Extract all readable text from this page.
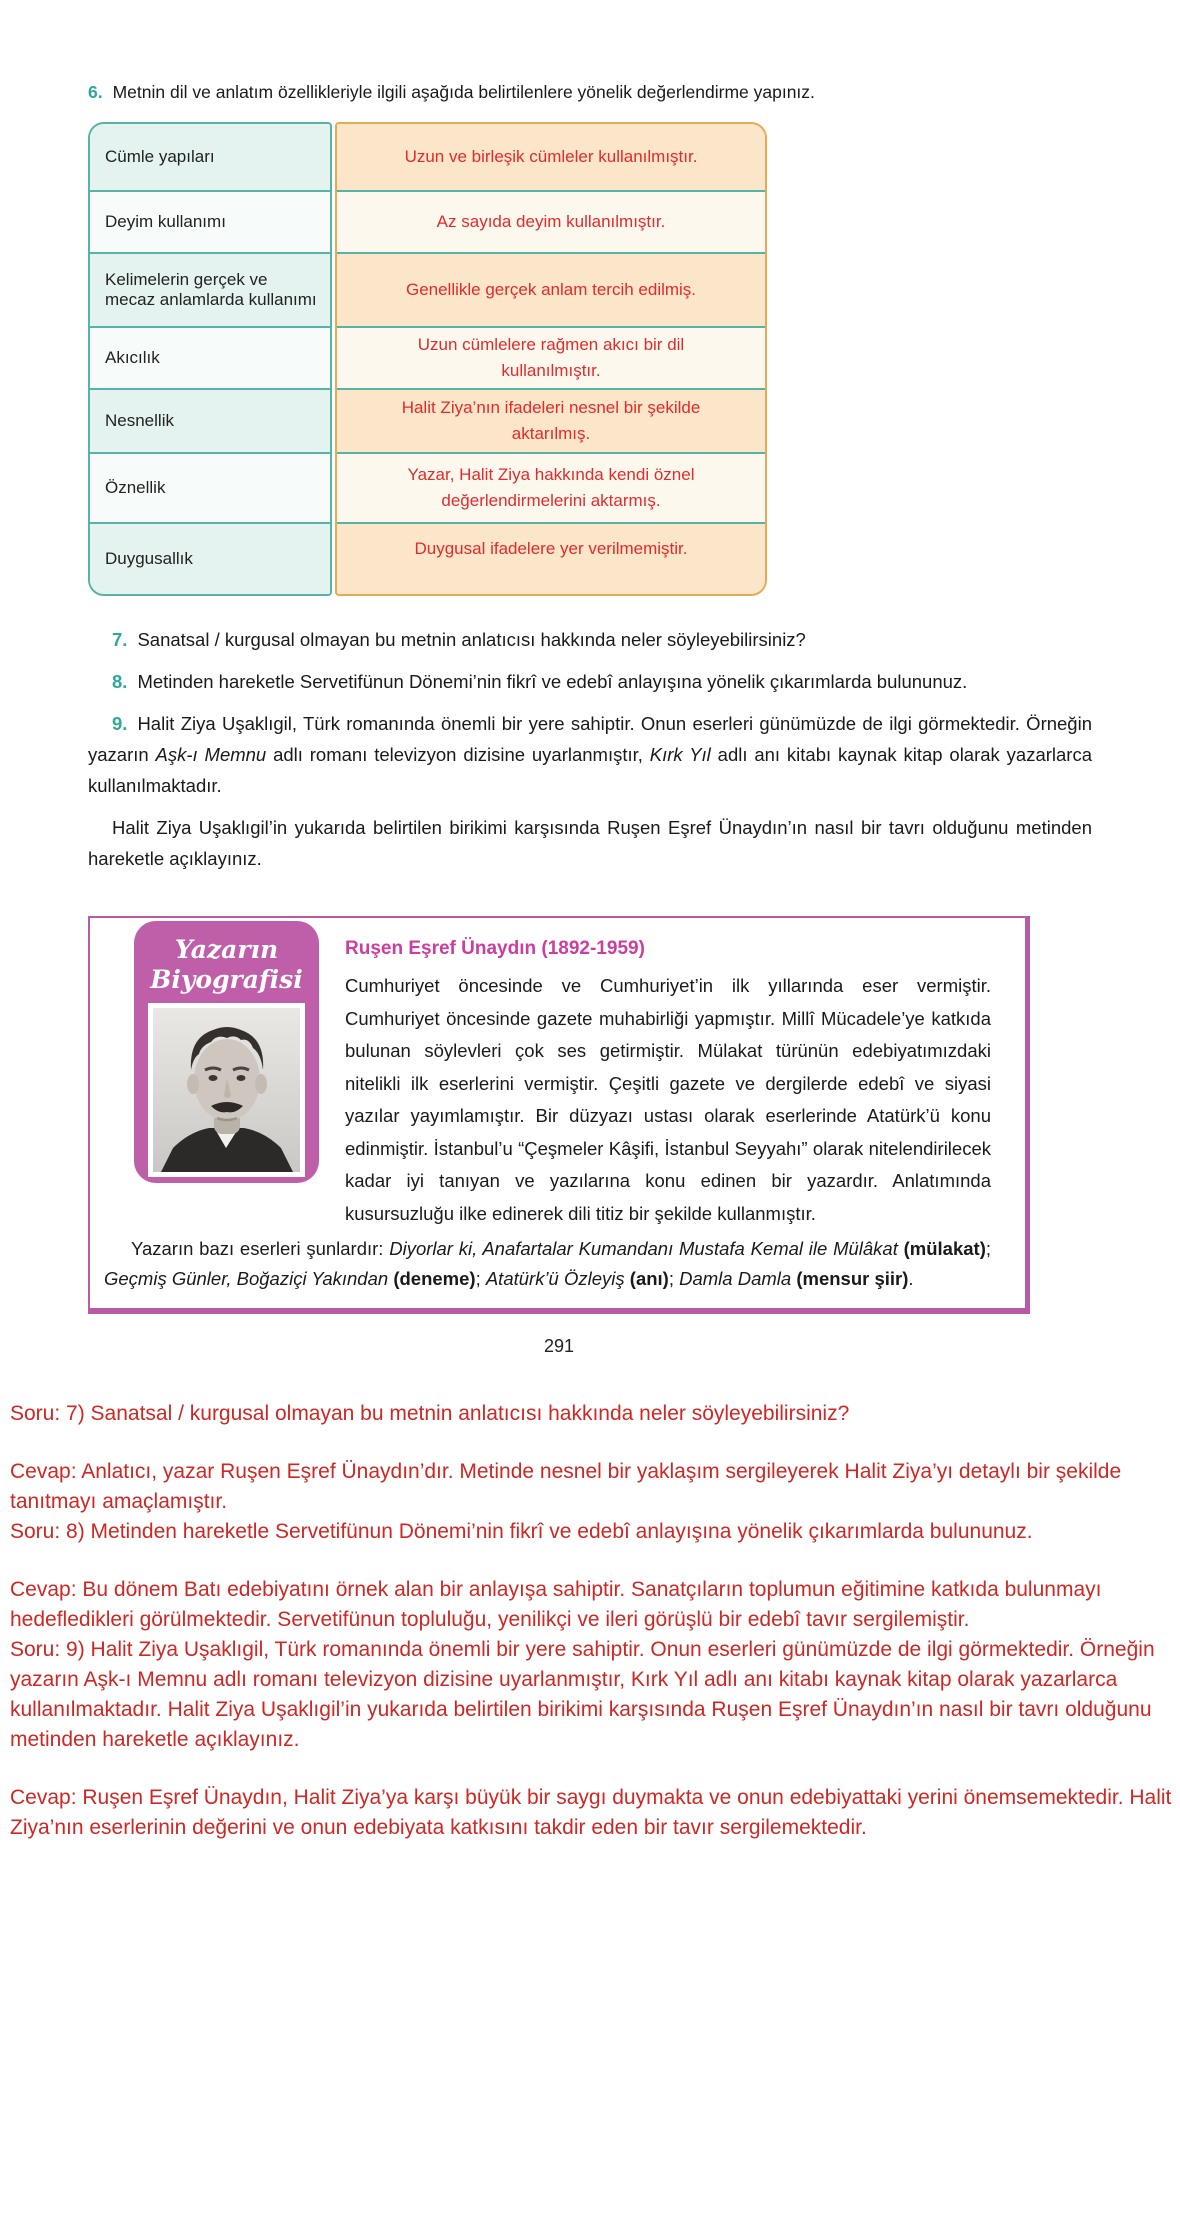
6. Metnin dil ve anlatım özellikleriyle ilgili aşağıda belirtilenlere yönelik değerlendirme yapınız.
Cümle yapıları
Deyim kullanımı
Kelimelerin gerçek ve mecaz anlamlarda kullanımı
Akıcılık
Nesnellik
Öznellik
Duygusallık
Uzun ve birleşik cümleler kullanılmıştır.
Az sayıda deyim kullanılmıştır.
Genellikle gerçek anlam tercih edilmiş.
Uzun cümlelere rağmen akıcı bir dil kullanılmıştır.
Halit Ziya’nın ifadeleri nesnel bir şekilde aktarılmış.
Yazar, Halit Ziya hakkında kendi öznel değerlendirmelerini aktarmış.
Duygusal ifadelere yer verilmemiştir.

7. Sanatsal / kurgusal olmayan bu metnin anlatıcısı hakkında neler söyleyebilirsiniz?

8. Metinden hareketle Servetifünun Dönemi’nin fikrî ve edebî anlayışına yönelik çıkarımlarda bulununuz.

9. Halit Ziya Uşaklıgil, Türk romanında önemli bir yere sahiptir. Onun eserleri günümüzde de ilgi görmektedir. Örneğin yazarın Aşk-ı Memnu adlı romanı televizyon dizisine uyarlanmıştır, Kırk Yıl adlı anı kitabı kaynak kitap olarak yazarlarca kullanılmaktadır.

Halit Ziya Uşaklıgil’in yukarıda belirtilen birikimi karşısında Ruşen Eşref Ünaydın’ın nasıl bir tavrı olduğunu metinden hareketle açıklayınız.

Yazarın
Biyografisi
Ruşen Eşref Ünaydın (1892-1959)
Cumhuriyet öncesinde ve Cumhuriyet’in ilk yıllarında eser vermiştir. Cumhuriyet öncesinde gazete muhabirliği yapmıştır. Millî Mücadele’ye katkıda bulunan söylevleri çok ses getirmiştir. Mülakat türünün edebiyatımızdaki nitelikli ilk eserlerini vermiştir. Çeşitli gazete ve dergilerde edebî ve siyasi yazılar yayımlamıştır. Bir düzyazı ustası olarak eserlerinde Atatürk’ü konu edinmiştir. İstanbul’u “Çeşmeler Kâşifi, İstanbul Seyyahı” olarak nitelendirilecek kadar iyi tanıyan ve yazılarına konu edinen bir yazardır. Anlatımında kusursuzluğu ilke edinerek dili titiz bir şekilde kullanmıştır.
Yazarın bazı eserleri şunlardır: Diyorlar ki, Anafartalar Kumandanı Mustafa Kemal ile Mülâkat (mülakat); Geçmiş Günler, Boğaziçi Yakından (deneme); Atatürk’ü Özleyiş (anı); Damla Damla (mensur şiir).
291

Soru: 7) Sanatsal / kurgusal olmayan bu metnin anlatıcısı hakkında neler söyleyebilirsiniz?

Cevap: Anlatıcı, yazar Ruşen Eşref Ünaydın’dır. Metinde nesnel bir yaklaşım sergileyerek Halit Ziya’yı detaylı bir şekilde tanıtmayı amaçlamıştır.

Soru: 8) Metinden hareketle Servetifünun Dönemi’nin fikrî ve edebî anlayışına yönelik çıkarımlarda bulununuz.

Cevap: Bu dönem Batı edebiyatını örnek alan bir anlayışa sahiptir. Sanatçıların toplumun eğitimine katkıda bulunmayı hedefledikleri görülmektedir. Servetifünun topluluğu, yenilikçi ve ileri görüşlü bir edebî tavır sergilemiştir.

Soru: 9) Halit Ziya Uşaklıgil, Türk romanında önemli bir yere sahiptir. Onun eserleri günümüzde de ilgi görmektedir. Örneğin yazarın Aşk-ı Memnu adlı romanı televizyon dizisine uyarlanmıştır, Kırk Yıl adlı anı kitabı kaynak kitap olarak yazarlarca kullanılmaktadır. Halit Ziya Uşaklıgil’in yukarıda belirtilen birikimi karşısında Ruşen Eşref Ünaydın’ın nasıl bir tavrı olduğunu metinden hareketle açıklayınız.

Cevap: Ruşen Eşref Ünaydın, Halit Ziya’ya karşı büyük bir saygı duymakta ve onun edebiyattaki yerini önemsemektedir. Halit Ziya’nın eserlerinin değerini ve onun edebiyata katkısını takdir eden bir tavır sergilemektedir.
